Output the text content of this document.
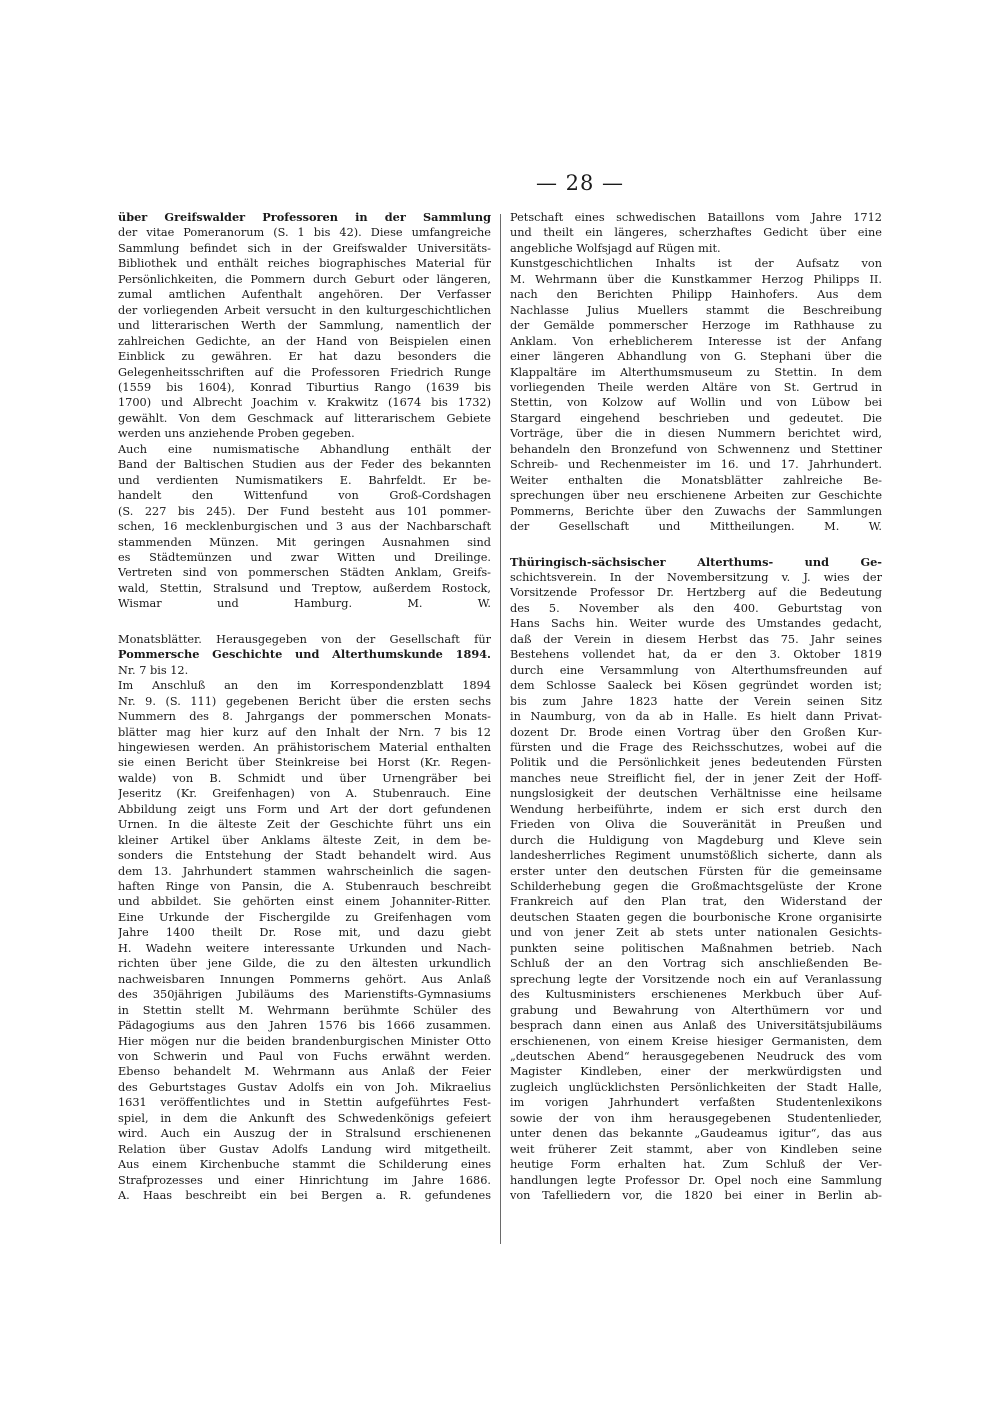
— 28 —
über Greifswalder Professoren in der Sammlung
der vitae Pomeranorum (S. 1 bis 42). Diese umfangreiche
Sammlung befindet sich in der Greifswalder Universitäts-
Bibliothek und enthält reiches biographisches Material für
Persönlichkeiten, die Pommern durch Geburt oder längeren,
zumal amtlichen Aufenthalt angehören. Der Verfasser
der vorliegenden Arbeit versucht in den kulturgeschichtlichen
und litterarischen Werth der Sammlung, namentlich der
zahlreichen Gedichte, an der Hand von Beispielen einen
Einblick zu gewähren. Er hat dazu besonders die
Gelegenheitsschriften auf die Professoren Friedrich Runge
(1559 bis 1604), Konrad Tiburtius Rango (1639 bis
1700) und Albrecht Joachim v. Krakwitz (1674 bis 1732)
gewählt. Von dem Geschmack auf litterarischem Gebiete
werden uns anziehende Proben gegeben.
Auch eine numismatische Abhandlung enthält der
Band der Baltischen Studien aus der Feder des bekannten
und verdienten Numismatikers E. Bahrfeldt. Er be-
handelt den Wittenfund von Groß-Cordshagen
(S. 227 bis 245). Der Fund besteht aus 101 pommer-
schen, 16 mecklenburgischen und 3 aus der Nachbarschaft
stammenden Münzen. Mit geringen Ausnahmen sind
es Städtemünzen und zwar Witten und Dreilinge.
Vertreten sind von pommerschen Städten Anklam, Greifs-
wald, Stettin, Stralsund und Treptow, außerdem Rostock,
Wismar und Hamburg. M. W.
Monatsblätter. Herausgegeben von der Gesellschaft für
Pommersche Geschichte und Alterthumskunde 1894.
Nr. 7 bis 12.
Im Anschluß an den im Korrespondenzblatt 1894
Nr. 9. (S. 111) gegebenen Bericht über die ersten sechs
Nummern des 8. Jahrgangs der pommerschen Monats-
blätter mag hier kurz auf den Inhalt der Nrn. 7 bis 12
hingewiesen werden. An prähistorischem Material enthalten
sie einen Bericht über Steinkreise bei Horst (Kr. Regen-
walde) von B. Schmidt und über Urnengräber bei
Jeseritz (Kr. Greifenhagen) von A. Stubenrauch. Eine
Abbildung zeigt uns Form und Art der dort gefundenen
Urnen. In die älteste Zeit der Geschichte führt uns ein
kleiner Artikel über Anklams älteste Zeit, in dem be-
sonders die Entstehung der Stadt behandelt wird. Aus
dem 13. Jahrhundert stammen wahrscheinlich die sagen-
haften Ringe von Pansin, die A. Stubenrauch beschreibt
und abbildet. Sie gehörten einst einem Johanniter-Ritter.
Eine Urkunde der Fischergilde zu Greifenhagen vom
Jahre 1400 theilt Dr. Rose mit, und dazu giebt
H. Wadehn weitere interessante Urkunden und Nach-
richten über jene Gilde, die zu den ältesten urkundlich
nachweisbaren Innungen Pommerns gehört. Aus Anlaß
des 350jährigen Jubiläums des Marienstifts-Gymnasiums
in Stettin stellt M. Wehrmann berühmte Schüler des
Pädagogiums aus den Jahren 1576 bis 1666 zusammen.
Hier mögen nur die beiden brandenburgischen Minister Otto
von Schwerin und Paul von Fuchs erwähnt werden.
Ebenso behandelt M. Wehrmann aus Anlaß der Feier
des Geburtstages Gustav Adolfs ein von Joh. Mikraelius
1631 veröffentlichtes und in Stettin aufgeführtes Fest-
spiel, in dem die Ankunft des Schwedenkönigs gefeiert
wird. Auch ein Auszug der in Stralsund erschienenen
Relation über Gustav Adolfs Landung wird mitgetheilt.
Aus einem Kirchenbuche stammt die Schilderung eines
Strafprozesses und einer Hinrichtung im Jahre 1686.
A. Haas beschreibt ein bei Bergen a. R. gefundenes
Petschaft eines schwedischen Bataillons vom Jahre 1712
und theilt ein längeres, scherzhaftes Gedicht über eine
angebliche Wolfsjagd auf Rügen mit.
Kunstgeschichtlichen Inhalts ist der Aufsatz von
M. Wehrmann über die Kunstkammer Herzog Philipps II.
nach den Berichten Philipp Hainhofers. Aus dem
Nachlasse Julius Muellers stammt die Beschreibung
der Gemälde pommerscher Herzoge im Rathhause zu
Anklam. Von erheblicherem Interesse ist der Anfang
einer längeren Abhandlung von G. Stephani über die
Klappaltäre im Alterthumsmuseum zu Stettin. In dem
vorliegenden Theile werden Altäre von St. Gertrud in
Stettin, von Kolzow auf Wollin und von Lübow bei
Stargard eingehend beschrieben und gedeutet. Die
Vorträge, über die in diesen Nummern berichtet wird,
behandeln den Bronzefund von Schwennenz und Stettiner
Schreib- und Rechenmeister im 16. und 17. Jahrhundert.
Weiter enthalten die Monatsblätter zahlreiche Be-
sprechungen über neu erschienene Arbeiten zur Geschichte
Pommerns, Berichte über den Zuwachs der Sammlungen
der Gesellschaft und Mittheilungen. M. W.
Thüringisch-sächsischer Alterthums- und Ge-
schichtsverein. In der Novembersitzung v. J. wies der
Vorsitzende Professor Dr. Hertzberg auf die Bedeutung
des 5. November als den 400. Geburtstag von
Hans Sachs hin. Weiter wurde des Umstandes gedacht,
daß der Verein in diesem Herbst das 75. Jahr seines
Bestehens vollendet hat, da er den 3. Oktober 1819
durch eine Versammlung von Alterthumsfreunden auf
dem Schlosse Saaleck bei Kösen gegründet worden ist;
bis zum Jahre 1823 hatte der Verein seinen Sitz
in Naumburg, von da ab in Halle. Es hielt dann Privat-
dozent Dr. Brode einen Vortrag über den Großen Kur-
fürsten und die Frage des Reichsschutzes, wobei auf die
Politik und die Persönlichkeit jenes bedeutenden Fürsten
manches neue Streiflicht fiel, der in jener Zeit der Hoff-
nungslosigkeit der deutschen Verhältnisse eine heilsame
Wendung herbeiführte, indem er sich erst durch den
Frieden von Oliva die Souveränität in Preußen und
durch die Huldigung von Magdeburg und Kleve sein
landesherrliches Regiment unumstößlich sicherte, dann als
erster unter den deutschen Fürsten für die gemeinsame
Schilderhebung gegen die Großmachtsgelüste der Krone
Frankreich auf den Plan trat, den Widerstand der
deutschen Staaten gegen die bourbonische Krone organisirte
und von jener Zeit ab stets unter nationalen Gesichts-
punkten seine politischen Maßnahmen betrieb. Nach
Schluß der an den Vortrag sich anschließenden Be-
sprechung legte der Vorsitzende noch ein auf Veranlassung
des Kultusministers erschienenes Merkbuch über Auf-
grabung und Bewahrung von Alterthümern vor und
besprach dann einen aus Anlaß des Universitätsjubiläums
erschienenen, von einem Kreise hiesiger Germanisten, dem
„deutschen Abend“ herausgegebenen Neudruck des vom
Magister Kindleben, einer der merkwürdigsten und
zugleich unglücklichsten Persönlichkeiten der Stadt Halle,
im vorigen Jahrhundert verfaßten Studentenlexikons
sowie der von ihm herausgegebenen Studentenlieder,
unter denen das bekannte „Gaudeamus igitur“, das aus
weit früherer Zeit stammt, aber von Kindleben seine
heutige Form erhalten hat. Zum Schluß der Ver-
handlungen legte Professor Dr. Opel noch eine Sammlung
von Tafelliedern vor, die 1820 bei einer in Berlin ab-
